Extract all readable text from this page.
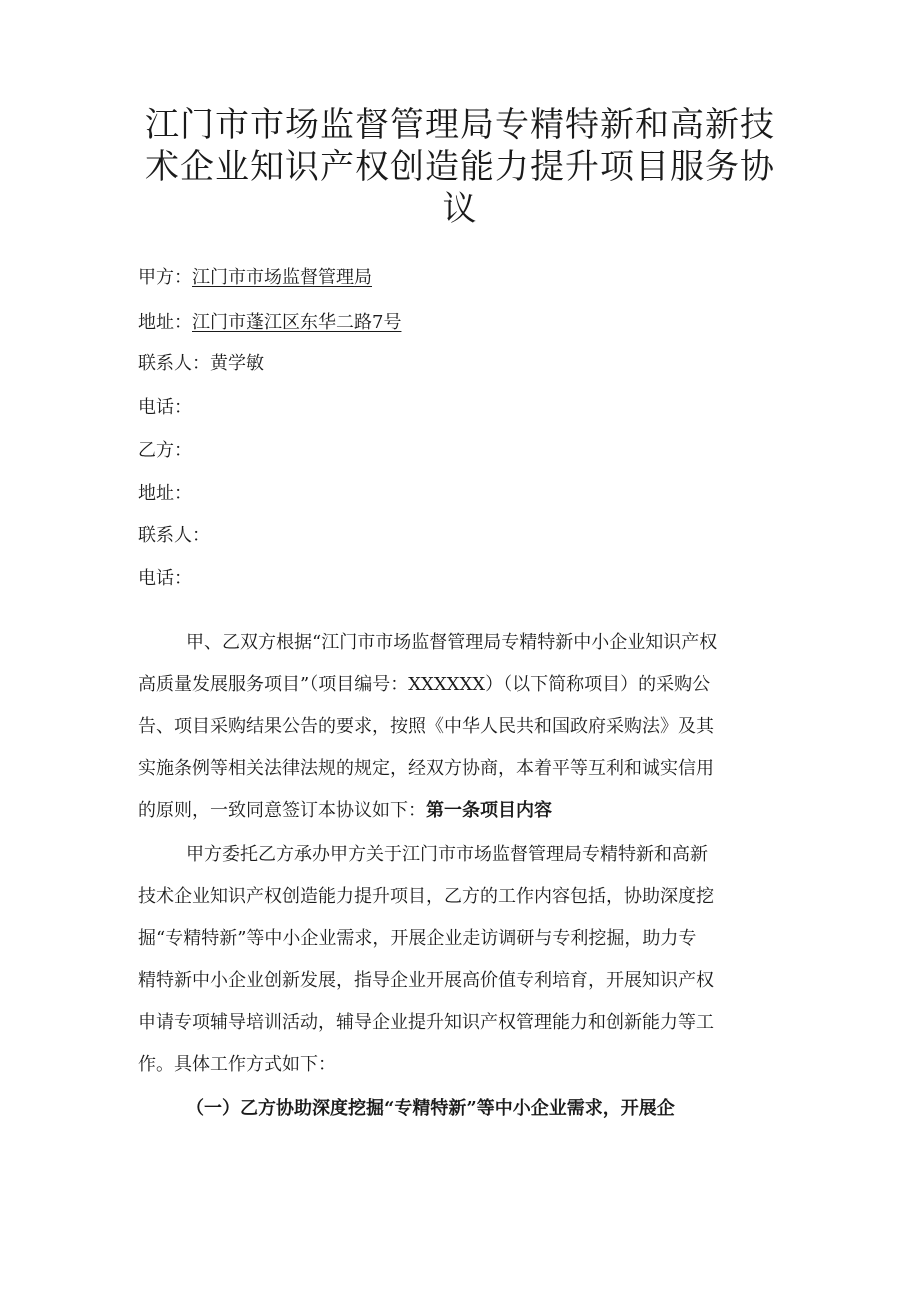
江门市市场监督管理局专精特新和高新技
术企业知识产权创造能力提升项目服务协
议
甲方：江门市市场监督管理局
地址：江门市蓬江区东华二路7号
联系人：黄学敏
电话：
乙方：
地址：
联系人：
电话：
甲、乙双方根据“江门市市场监督管理局专精特新中小企业知识产权
高质量发展服务项目”（项目编号：XXXXXX）（以下简称项目）的采购公
告、项目采购结果公告的要求，按照《中华人民共和国政府采购法》及其
实施条例等相关法律法规的规定，经双方协商，本着平等互利和诚实信用
的原则，一致同意签订本协议如下：第一条项目内容
甲方委托乙方承办甲方关于江门市市场监督管理局专精特新和高新
技术企业知识产权创造能力提升项目，乙方的工作内容包括，协助深度挖
掘“专精特新”等中小企业需求，开展企业走访调研与专利挖掘，助力专
精特新中小企业创新发展，指导企业开展高价值专利培育，开展知识产权
申请专项辅导培训活动，辅导企业提升知识产权管理能力和创新能力等工
作。具体工作方式如下：
（一）乙方协助深度挖掘“专精特新”等中小企业需求，开展企
